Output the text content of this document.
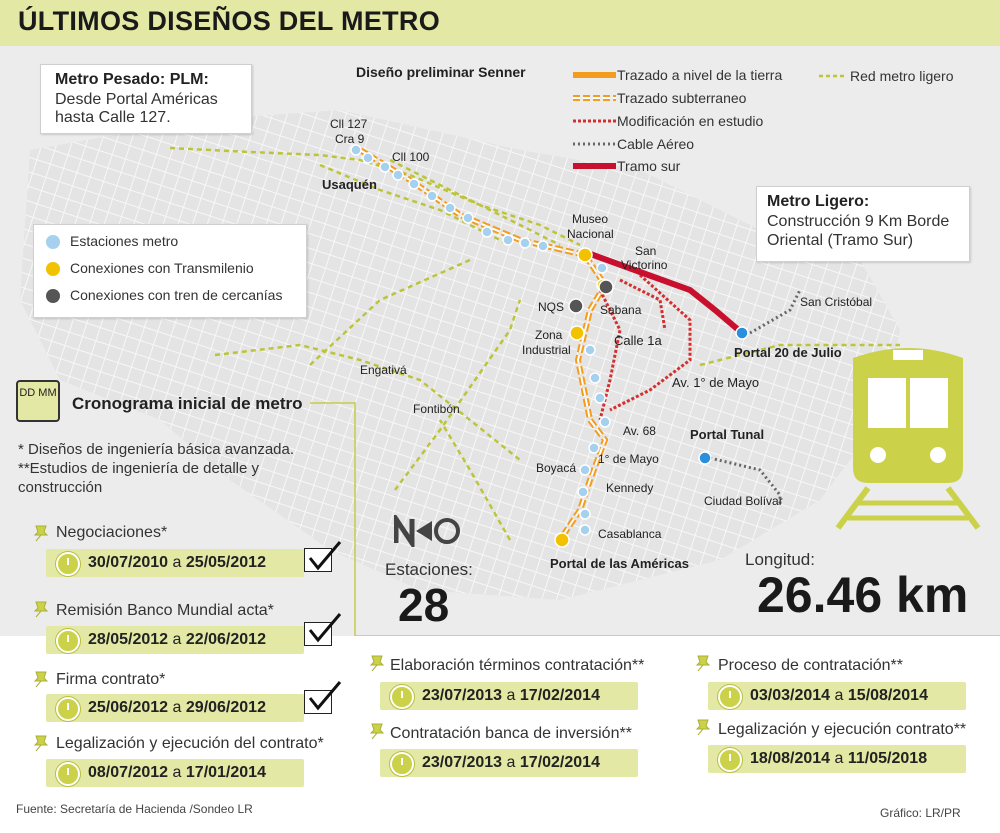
ÚLTIMOS DISEÑOS DEL METRO
Cll 127
Cra 9
Cll 100
Usaquén
Museo
Nacional
San
Victorino
NQS	Sabana
Zona
Industrial
Calle 1a
Av. 1° de Mayo
Engativá
Fontibón
Av. 68
1° de Mayo
Boyacá
Kennedy
Casablanca
Portal de las Américas
Portal Tunal
Portal 20 de Julio
San Cristóbal
Ciudad Bolívar
Metro Pesado: PLM:
Desde Portal Américas
hasta Calle 127.
Diseño preliminar Senner	Trazado a nivel de la tierra
Trazado subterraneo
Modificación en estudio
Cable Aéreo
Tramo sur
Red metro ligero
Metro Ligero:
Construcción 9 Km Borde
Oriental (Tramo Sur)
Estaciones metro
Conexiones con Transmilenio
Conexiones con tren de cercanías
Estaciones:
28
Longitud:
26.46 km
DD MM
Cronograma inicial de metro
* Diseños de ingeniería básica avanzada.
**Estudios de ingeniería de detalle y
construcción
Negociaciones*
30/07/2010 a 25/05/2012
Remisión Banco Mundial acta*
28/05/2012 a 22/06/2012
Firma contrato*
25/06/2012 a 29/06/2012
Legalización y ejecución del contrato*
08/07/2012 a 17/01/2014
Elaboración términos contratación**
23/07/2013 a 17/02/2014
Contratación banca de inversión**
23/07/2013 a 17/02/2014
Proceso de contratación**
03/03/2014 a 15/08/2014
Legalización y ejecución contrato**
18/08/2014 a 11/05/2018
Fuente: Secretaría de Hacienda /Sondeo LR	Gráfico: LR/PR
